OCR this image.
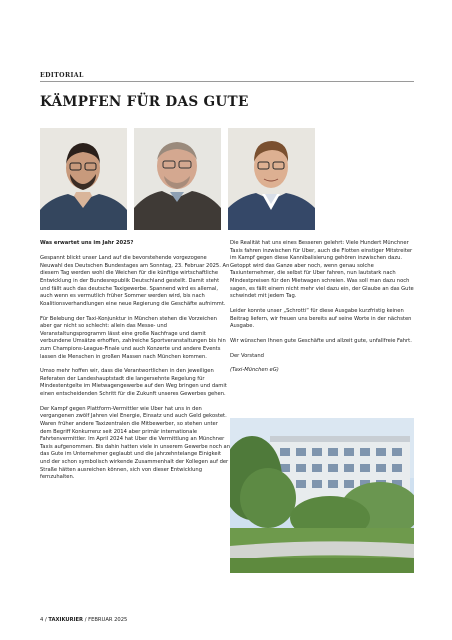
EDITORIAL
KÄMPFEN FÜR DAS GUTE

Was erwartet uns im Jahr 2025?

Gespannt blickt unser Land auf die bevorstehende vorgezogene Neuwahl des Deutschen Bundestages am Sonntag, 23. Februar 2025. An diesem Tag werden wohl die Weichen für die künftige wirtschaftliche Entwicklung in der Bundesrepublik Deutschland gestellt. Damit steht und fällt auch das deutsche Taxigewerbe. Spannend wird es allemal, auch wenn es vermutlich früher Sommer werden wird, bis nach Koalitionsverhandlungen eine neue Regierung die Geschäfte aufnimmt.

Für Belebung der Taxi-Konjunktur in München stehen die Vorzeichen aber gar nicht so schlecht: allein das Messe- und Veranstaltungsprogramm lässt eine große Nachfrage und damit verbundene Umsätze erhoffen, zahlreiche Sportveranstaltungen bis hin zum Champions-League-Finale und auch Konzerte und andere Events lassen die Menschen in großen Massen nach München kommen.

Umso mehr hoffen wir, dass die Verantwortlichen in den jeweiligen Referaten der Landeshauptstadt die langersehnte Regelung für Mindestentgelte im Mietwagengewerbe auf den Weg bringen und damit einen entscheidenden Schritt für die Zukunft unseres Gewerbes gehen.

Der Kampf gegen Plattform-Vermittler wie Uber hat uns in den vergangenen zwölf Jahren viel Energie, Einsatz und auch Geld gekostet. Waren früher andere Taxizentralen die Mitbewerber, so stehen unter dem Begriff Konkurrenz seit 2014 aber primär internationale Fahrtenvermittler. Im April 2024 hat Uber die Vermittlung an Münchner Taxis aufgenommen. Bis dahin hatten viele in unserem Gewerbe noch an das Gute im Unternehmer geglaubt und die jahrzehntelange Einigkeit und der schon symbolisch wirkende Zusammenhalt der Kollegen auf der Straße hätten ausreichen können, sich von dieser Entwicklung fernzuhalten.

Die Realität hat uns eines Besseren gelehrt: Viele Hundert Münchner Taxis fahren inzwischen für Uber, auch die Flotten einstiger Mitstreiter im Kampf gegen diese Kannibalisierung gehören inzwischen dazu. Getoppt wird das Ganze aber noch, wenn genau solche Taxiunternehmer, die selbst für Uber fahren, nun lautstark nach Mindestpreisen für den Mietwagen schreien. Was soll man dazu noch sagen, es fällt einem nicht mehr viel dazu ein, der Glaube an das Gute schwindet mit jedem Tag.

Leider konnte unser „Schrotti“ für diese Ausgabe kurzfristig keinen Beitrag liefern, wir freuen uns bereits auf seine Worte in der nächsten Ausgabe.

Wir wünschen Ihnen gute Geschäfte und allzeit gute, unfallfreie Fahrt.

Der Vorstand

(Taxi-München eG)

4 / TAXIKURIER / FEBRUAR 2025
